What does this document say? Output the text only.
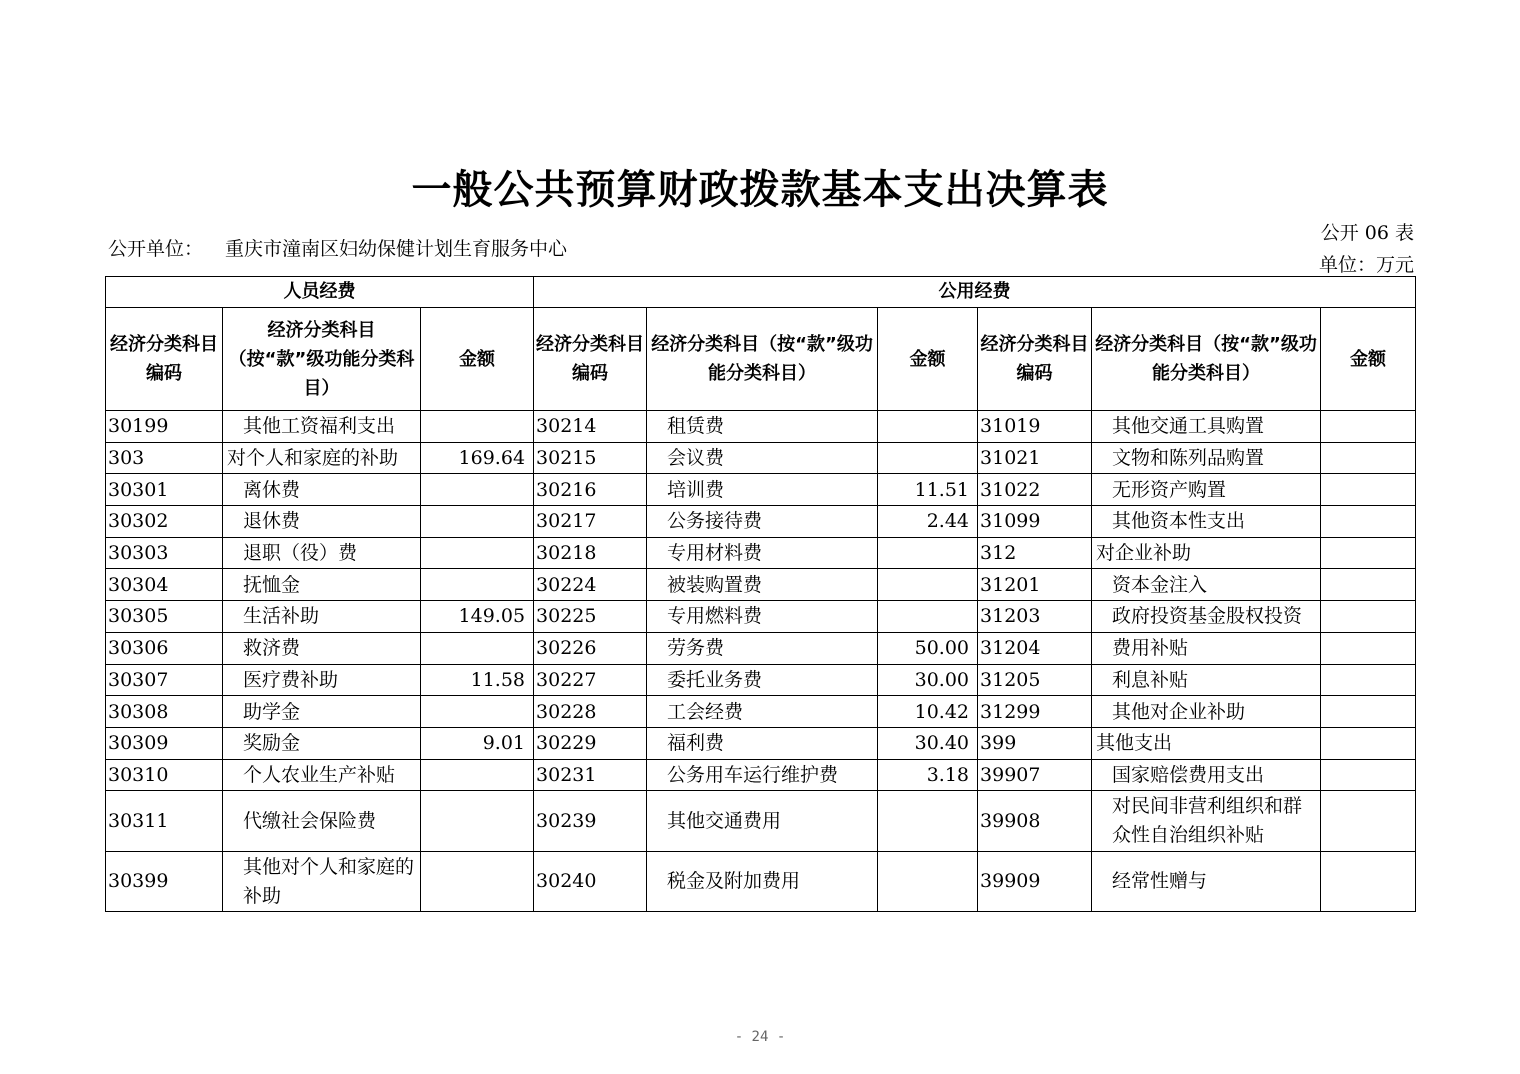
一般公共预算财政拨款基本支出决算表
公开单位： 重庆市潼南区妇幼保健计划生育服务中心
公开 06 表
单位：万元
人员经费			公用经费					
经济分类科目编码	经济分类科目（按“款”级功能分类科目）	金额	经济分类科目编码	经济分类科目（按“款”级功能分类科目）	金额	经济分类科目编码	经济分类科目（按“款”级功能分类科目）	金额
30199	其他工资福利支出		30214	租赁费		31019	其他交通工具购置	
303	对个人和家庭的补助	169.64	30215	会议费		31021	文物和陈列品购置	
30301	离休费		30216	培训费	11.51	31022	无形资产购置	
30302	退休费		30217	公务接待费	2.44	31099	其他资本性支出	
30303	退职（役）费		30218	专用材料费		312	对企业补助	
30304	抚恤金		30224	被装购置费		31201	资本金注入	
30305	生活补助	149.05	30225	专用燃料费		31203	政府投资基金股权投资	
30306	救济费		30226	劳务费	50.00	31204	费用补贴	
30307	医疗费补助	11.58	30227	委托业务费	30.00	31205	利息补贴	
30308	助学金		30228	工会经费	10.42	31299	其他对企业补助	
30309	奖励金	9.01	30229	福利费	30.40	399	其他支出	
30310	个人农业生产补贴		30231	公务用车运行维护费	3.18	39907	国家赔偿费用支出	
30311	代缴社会保险费		30239	其他交通费用		39908	对民间非营利组织和群众性自治组织补贴	
30399	其他对个人和家庭的补助		30240	税金及附加费用		39909	经常性赠与	
- 24 -
